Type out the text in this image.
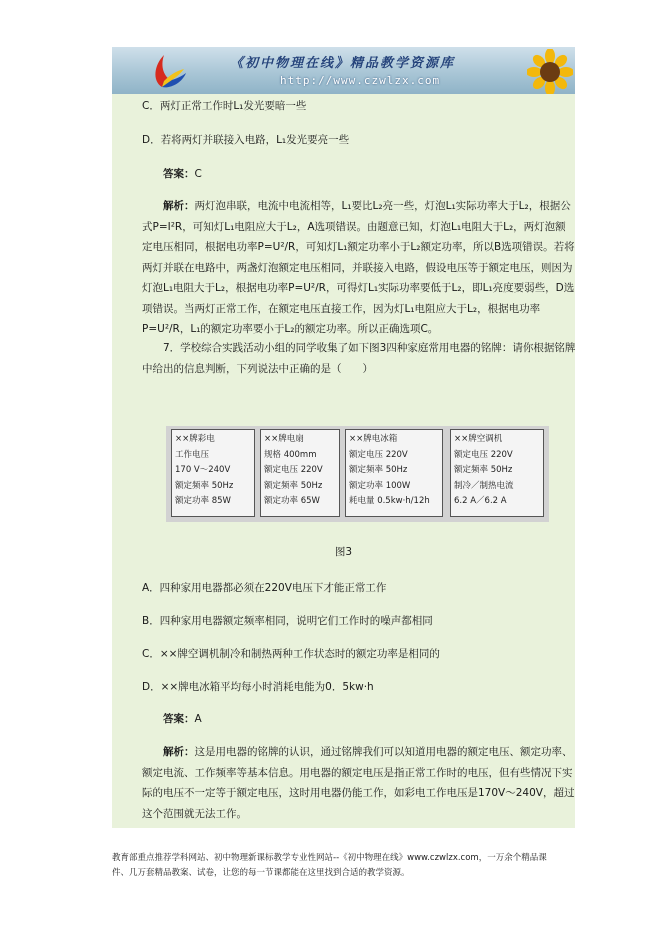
《初中物理在线》精品教学资源库
http://www.czwlzx.com
C．两灯正常工作时L₁发光要暗一些
D．若将两灯并联接入电路，L₁发光要亮一些
答案：C
解析：两灯泡串联，电流中电流相等，L₁要比L₂亮一些，灯泡L₁实际功率大于L₂，根据公式P=I²R，可知灯L₁电阻应大于L₂，A选项错误。由题意已知，灯泡L₁电阻大于L₂，两灯泡额定电压相同，根据电功率P=U²/R，可知灯L₁额定功率小于L₂额定功率，所以B选项错误。若将两灯并联在电路中，两盏灯泡额定电压相同，并联接入电路，假设电压等于额定电压，则因为灯泡L₁电阻大于L₂，根据电功率P=U²/R，可得灯L₁实际功率要低于L₂，即L₁亮度要弱些，D选项错误。当两灯正常工作，在额定电压直接工作，因为灯L₁电阻应大于L₂，根据电功率P=U²/R，L₁的额定功率要小于L₂的额定功率。所以正确选项C。
7．学校综合实践活动小组的同学收集了如下图3四种家庭常用电器的铭牌：请你根据铭牌中给出的信息判断，下列说法中正确的是（　　）
××牌彩电
工作电压
170 V～240V
额定频率 50Hz
额定功率 85W
××牌电扇
规格 400mm
额定电压 220V
额定频率 50Hz
额定功率 65W
××牌电冰箱
额定电压 220V
额定频率 50Hz
额定功率 100W
耗电量 0.5kw·h/12h
××牌空调机
额定电压 220V
额定频率 50Hz
制冷／制热电流
6.2 A／6.2 A
图3
A．四种家用电器都必须在220V电压下才能正常工作
B．四种家用电器额定频率相同，说明它们工作时的噪声都相同
C．××牌空调机制冷和制热两种工作状态时的额定功率是相同的
D．××牌电冰箱平均每小时消耗电能为0．5kw·h
答案：A
解析：这是用电器的铭牌的认识，通过铭牌我们可以知道用电器的额定电压、额定功率、额定电流、工作频率等基本信息。用电器的额定电压是指正常工作时的电压，但有些情况下实际的电压不一定等于额定电压，这时用电器仍能工作，如彩电工作电压是170V～240V，超过这个范围就无法工作。
教育部重点推荐学科网站、初中物理新课标教学专业性网站--《初中物理在线》www.czwlzx.com，一万余个精品课件、几万套精品教案、试卷，让您的每一节课都能在这里找到合适的教学资源。
